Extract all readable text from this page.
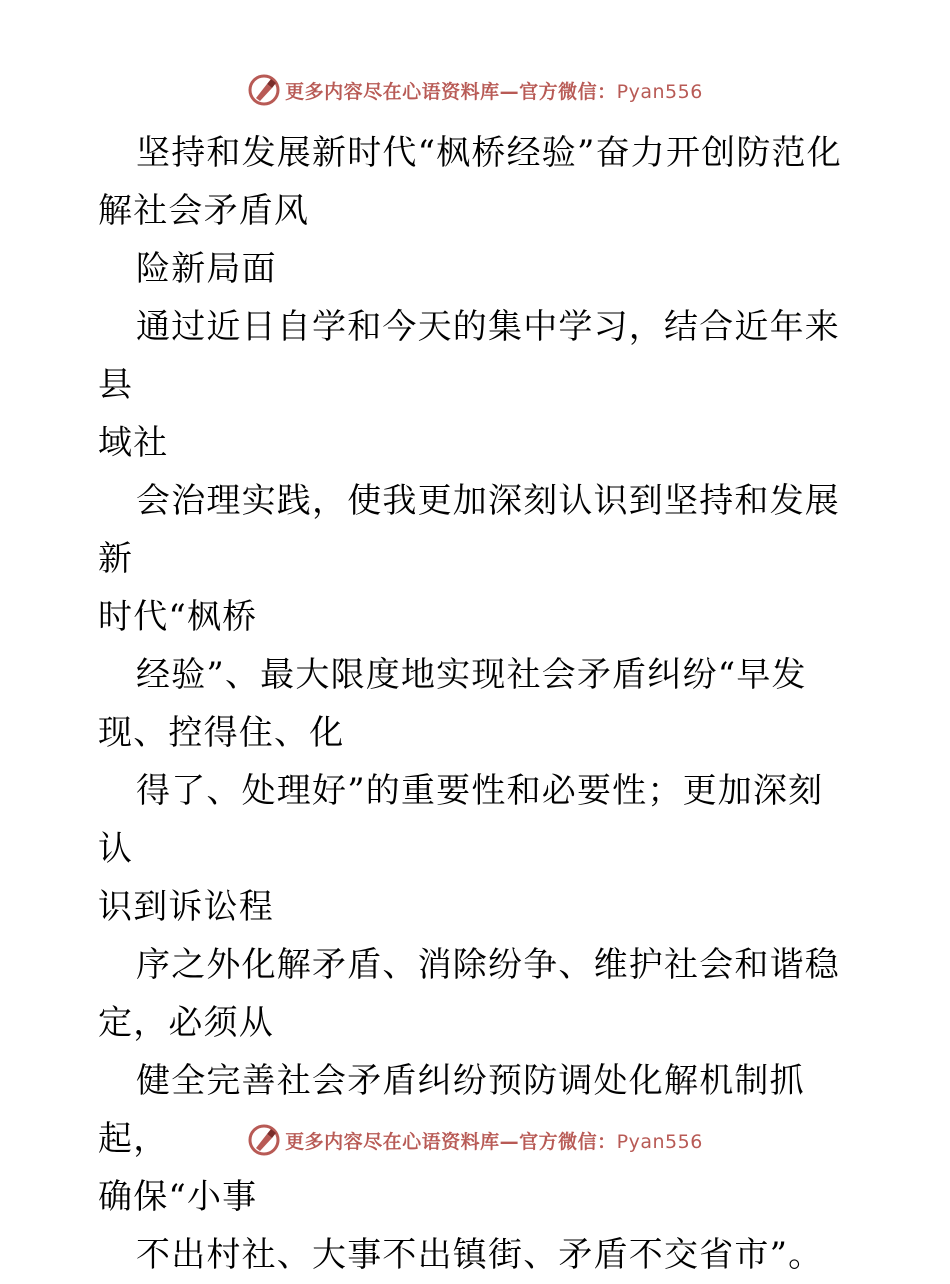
更多内容尽在心语资料库—官方微信：Pyan556

坚持和发展新时代“枫桥经验”奋力开创防范化
解社会矛盾风

险新局面

通过近日自学和今天的集中学习，结合近年来县
域社

会治理实践，使我更加深刻认识到坚持和发展新
时代“枫桥

经验”、最大限度地实现社会矛盾纠纷“早发
现、控得住、化

得了、处理好”的重要性和必要性；更加深刻认
识到诉讼程

序之外化解矛盾、消除纷争、维护社会和谐稳
定，必须从

健全完善社会矛盾纠纷预防调处化解机制抓起，
确保“小事

不出村社、大事不出镇街、矛盾不交省市”。

更多内容尽在心语资料库—官方微信：Pyan556
